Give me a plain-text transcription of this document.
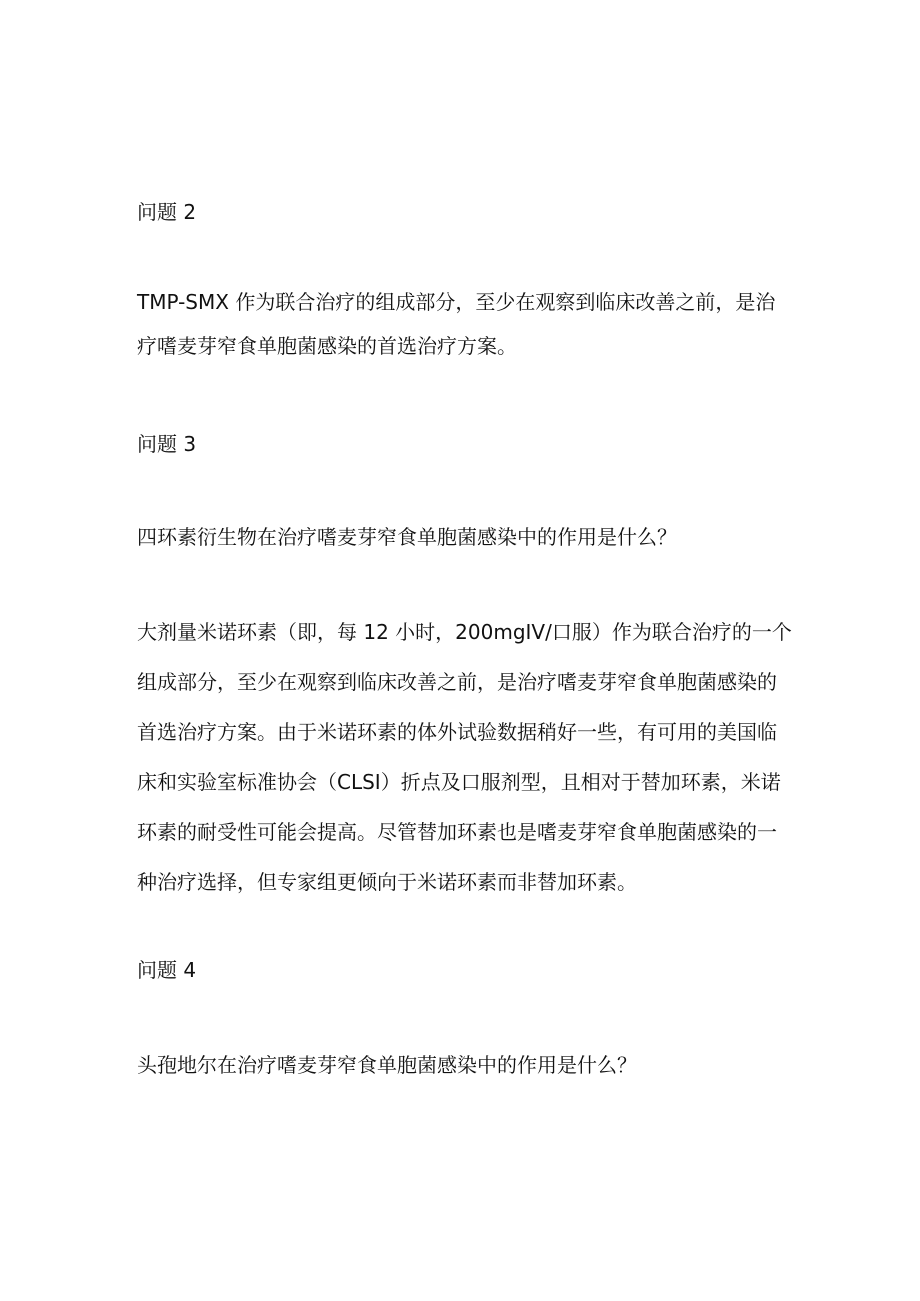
问题 2

TMP-SMX 作为联合治疗的组成部分，至少在观察到临床改善之前，是治
疗嗜麦芽窄食单胞菌感染的首选治疗方案。

问题 3

四环素衍生物在治疗嗜麦芽窄食单胞菌感染中的作用是什么？

大剂量米诺环素（即，每 12 小时，200mgIV/口服）作为联合治疗的一个
组成部分，至少在观察到临床改善之前，是治疗嗜麦芽窄食单胞菌感染的
首选治疗方案。由于米诺环素的体外试验数据稍好一些，有可用的美国临
床和实验室标准协会（CLSI）折点及口服剂型，且相对于替加环素，米诺
环素的耐受性可能会提高。尽管替加环素也是嗜麦芽窄食单胞菌感染的一
种治疗选择，但专家组更倾向于米诺环素而非替加环素。

问题 4

头孢地尔在治疗嗜麦芽窄食单胞菌感染中的作用是什么？
